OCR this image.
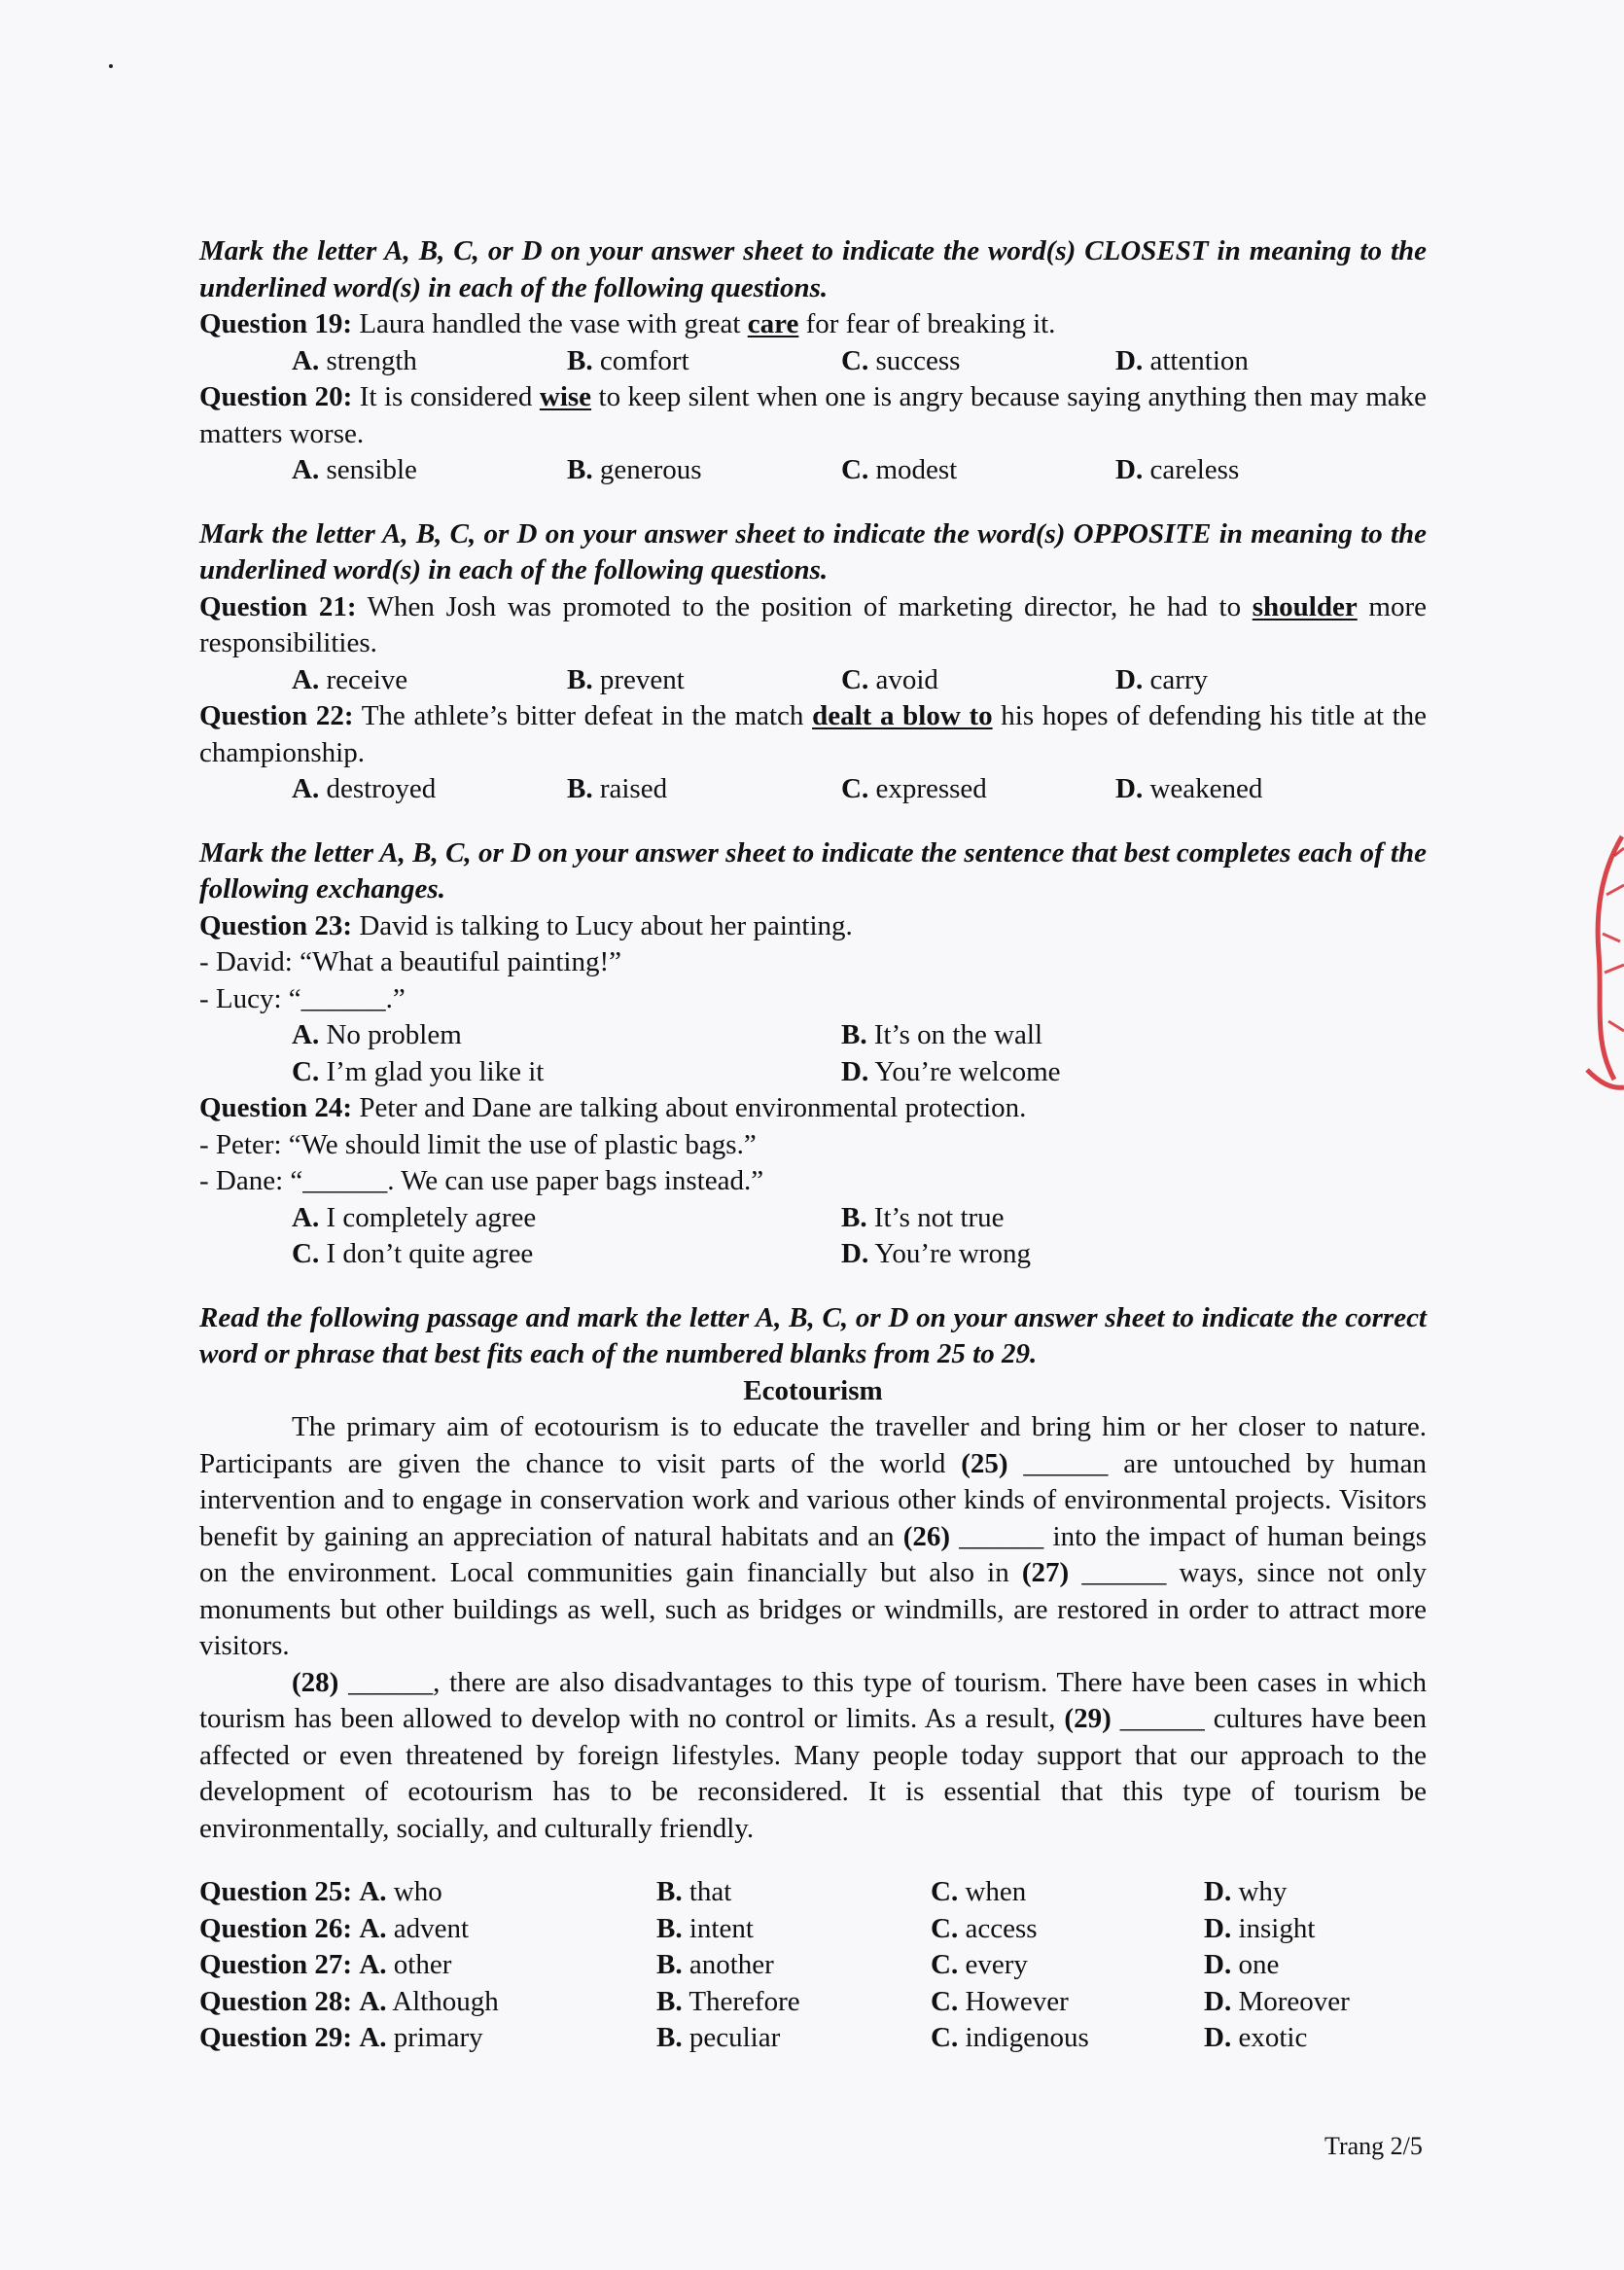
Mark the letter A, B, C, or D on your answer sheet to indicate the word(s) CLOSEST in meaning to the underlined word(s) in each of the following questions.
Question 19: Laura handled the vase with great care for fear of breaking it.
A. strength	B. comfort	C. success	D. attention
Question 20: It is considered wise to keep silent when one is angry because saying anything then may make matters worse.
A. sensible	B. generous	C. modest	D. careless
Mark the letter A, B, C, or D on your answer sheet to indicate the word(s) OPPOSITE in meaning to the underlined word(s) in each of the following questions.
Question 21: When Josh was promoted to the position of marketing director, he had to shoulder more responsibilities.
A. receive	B. prevent	C. avoid	D. carry
Question 22: The athlete’s bitter defeat in the match dealt a blow to his hopes of defending his title at the championship.
A. destroyed	B. raised	C. expressed	D. weakened
Mark the letter A, B, C, or D on your answer sheet to indicate the sentence that best completes each of the following exchanges.
Question 23: David is talking to Lucy about her painting.
- David: “What a beautiful painting!”
- Lucy: “______.”
A. No problem	B. It’s on the wall
C. I’m glad you like it	D. You’re welcome
Question 24: Peter and Dane are talking about environmental protection.
- Peter: “We should limit the use of plastic bags.”
- Dane: “______. We can use paper bags instead.”
A. I completely agree	B. It’s not true
C. I don’t quite agree	D. You’re wrong
Read the following passage and mark the letter A, B, C, or D on your answer sheet to indicate the correct word or phrase that best fits each of the numbered blanks from 25 to 29.
Ecotourism
The primary aim of ecotourism is to educate the traveller and bring him or her closer to nature. Participants are given the chance to visit parts of the world (25) ______ are untouched by human intervention and to engage in conservation work and various other kinds of environmental projects. Visitors benefit by gaining an appreciation of natural habitats and an (26) ______ into the impact of human beings on the environment. Local communities gain financially but also in (27) ______ ways, since not only monuments but other buildings as well, such as bridges or windmills, are restored in order to attract more visitors.
(28) ______, there are also disadvantages to this type of tourism. There have been cases in which tourism has been allowed to develop with no control or limits. As a result, (29) ______ cultures have been affected or even threatened by foreign lifestyles. Many people today support that our approach to the development of ecotourism has to be reconsidered. It is essential that this type of tourism be environmentally, socially, and culturally friendly.
Question 25: A. who	B. that	C. when	D. why
Question 26: A. advent	B. intent	C. access	D. insight
Question 27: A. other	B. another	C. every	D. one
Question 28: A. Although	B. Therefore	C. However	D. Moreover
Question 29: A. primary	B. peculiar	C. indigenous	D. exotic
Trang 2/5
